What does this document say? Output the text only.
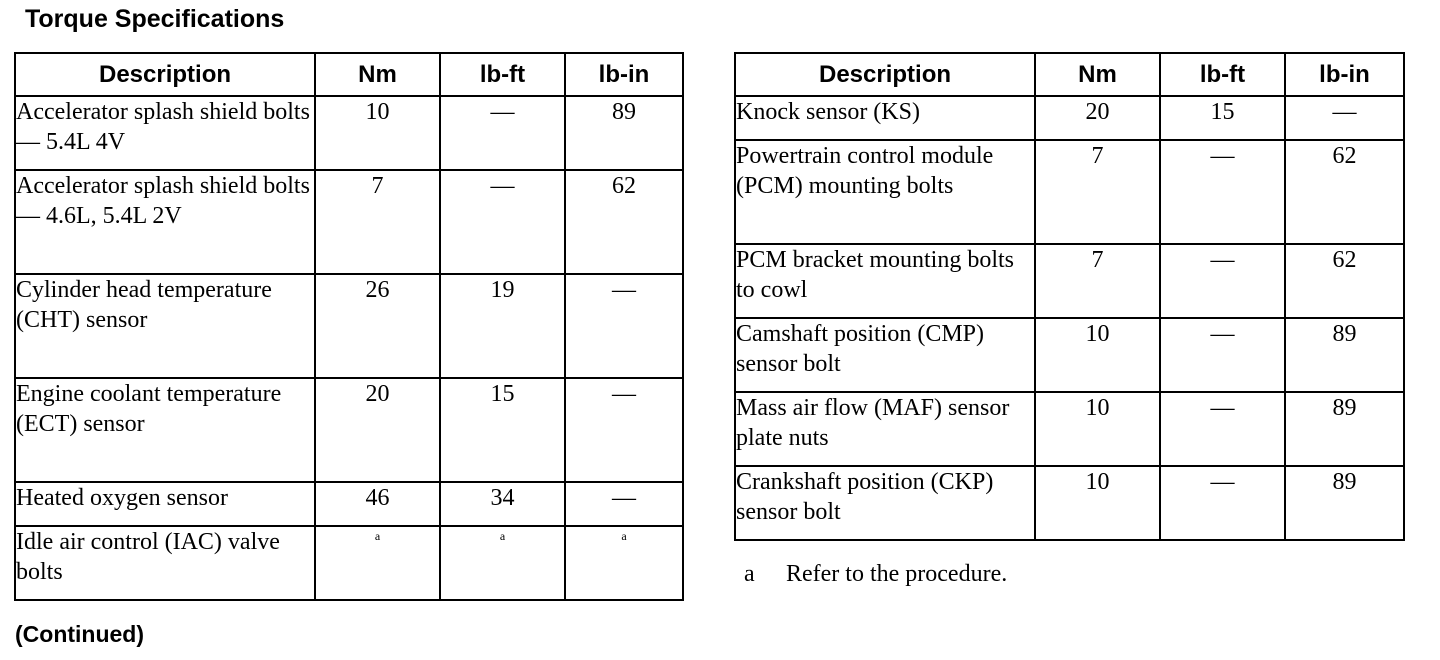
Torque Specifications
Description	Nm	lb-ft	lb-in
Accelerator splash shield bolts — 5.4L 4V	10	—	89
Accelerator splash shield bolts — 4.6L, 5.4L 2V	7	—	62
Cylinder head temperature (CHT) sensor	26	19	—
Engine coolant temperature (ECT) sensor	20	15	—
Heated oxygen sensor	46	34	—
Idle air control (IAC) valve bolts	a	a	a
Description	Nm	lb-ft	lb-in
Knock sensor (KS)	20	15	—
Powertrain control module (PCM) mounting bolts	7	—	62
PCM bracket mounting bolts to cowl	7	—	62
Camshaft position (CMP) sensor bolt	10	—	89
Mass air flow (MAF) sensor plate nuts	10	—	89
Crankshaft position (CKP) sensor bolt	10	—	89
a Refer to the procedure.
(Continued)
